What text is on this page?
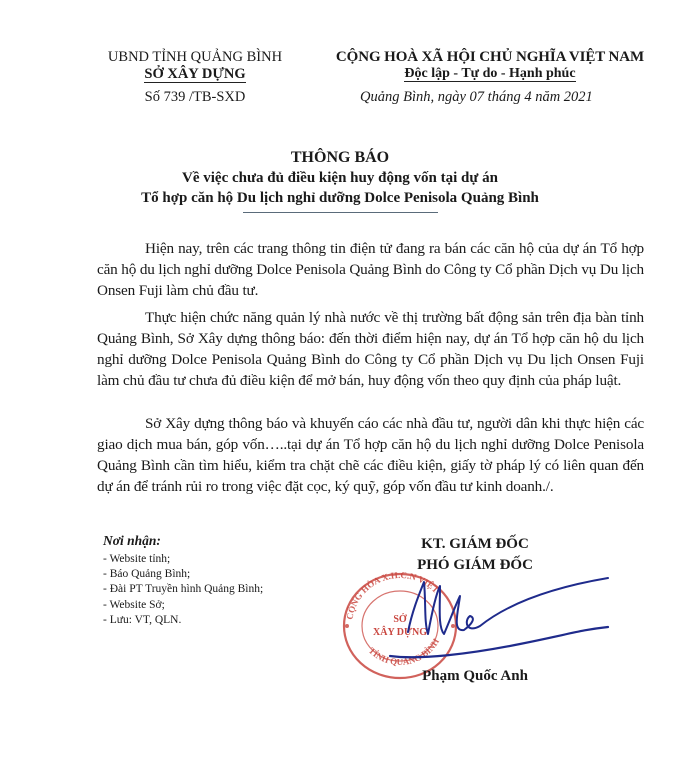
UBND TỈNH QUẢNG BÌNH
SỞ XÂY DỰNG
Số 739 /TB-SXD
CỘNG HOÀ XÃ HỘI CHỦ NGHĨA VIỆT NAM
Độc lập - Tự do - Hạnh phúc
Quảng Bình, ngày 07 tháng 4 năm 2021
THÔNG BÁO
Về việc chưa đủ điều kiện huy động vốn tại dự án
Tổ hợp căn hộ Du lịch nghỉ dưỡng Dolce Penisola Quảng Bình

Hiện nay, trên các trang thông tin điện tử đang ra bán các căn hộ của dự án Tổ hợp căn hộ du lịch nghỉ dưỡng Dolce Penisola Quảng Bình do Công ty Cổ phần Dịch vụ Du lịch Onsen Fuji làm chủ đầu tư.

Thực hiện chức năng quản lý nhà nước về thị trường bất động sản trên địa bàn tỉnh Quảng Bình, Sở Xây dựng thông báo: đến thời điểm hiện nay, dự án Tổ hợp căn hộ du lịch nghỉ dưỡng Dolce Penisola Quảng Bình do Công ty Cổ phần Dịch vụ Du lịch Onsen Fuji làm chủ đầu tư chưa đủ điều kiện để mở bán, huy động vốn theo quy định của pháp luật.

Sở Xây dựng thông báo và khuyến cáo các nhà đầu tư, người dân khi thực hiện các giao dịch mua bán, góp vốn…..tại dự án Tổ hợp căn hộ du lịch nghỉ dưỡng Dolce Penisola Quảng Bình cần tìm hiểu, kiểm tra chặt chẽ các điều kiện, giấy tờ pháp lý có liên quan đến dự án để tránh rủi ro trong việc đặt cọc, ký quỹ, góp vốn đầu tư kinh doanh./.

Nơi nhận:
- Website tỉnh;
- Báo Quảng Bình;
- Đài PT Truyền hình Quảng Bình;
- Website Sở;
- Lưu: VT, QLN.
KT. GIÁM ĐỐC
PHÓ GIÁM ĐỐC
CỘNG HÒA X.H.C.N VIỆT
TỈNH QUẢNG BÌNH
SỞ
XÂY DỰNG
Phạm Quốc Anh
